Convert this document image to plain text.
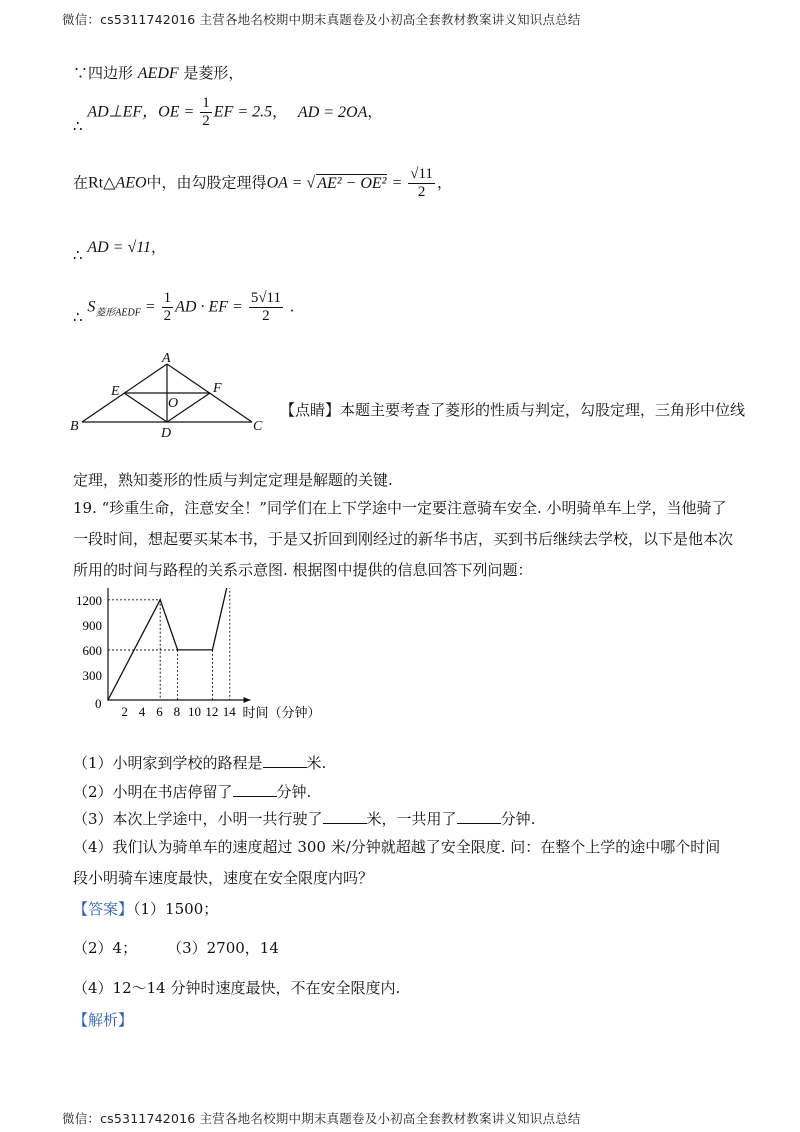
微信：cs5311742016 主营各地名校期中期末真题卷及小初高全套教材教案讲义知识点总结
∵四边形 AEDF 是菱形，
∴ AD⊥EF，OE = $\frac{1}{2}$ EF = 2.5， AD = 2OA，
在Rt△AEO中，由勾股定理得OA = √ $AE^2 - OE^2 = \frac{√11}{2}$ ，
∴ AD = √11，
∴ $S_{菱形AEDF} = \frac{1}{2}$ AD · EF = $\frac{5√11}{2}$ .
A
E	F
O
B	D	C
【点睛】本题主要考查了菱形的性质与判定，勾股定理，三角形中位线
定理，熟知菱形的性质与判定定理是解题的关键.
19. “珍重生命，注意安全！”同学们在上下学途中一定要注意骑车安全. 小明骑单车上学，当他骑了一段时间，想起要买某本书，于是又折回到刚经过的新华书店，买到书后继续去学校，以下是他本次所用的时间与路程的关系示意图. 根据图中提供的信息回答下列问题：
时间（分钟）
0
2 4 6 8 10 12 14
300
600
900
1200
（1）小明家到学校的路程是	米.
（2）小明在书店停留了	分钟.
（3）本次上学途中，小明一共行驶了	米，一共用了	分钟.
（4）我们认为骑单车的速度超过 300 米/分钟就超越了安全限度. 问：在整个上学的途中哪个时间段小明骑车速度最快，速度在安全限度内吗？
【答案】（1）1500；
（2）4； （3）2700，14
（4）12～14 分钟时速度最快，不在安全限度内.
【解析】
微信：cs5311742016 主营各地名校期中期末真题卷及小初高全套教材教案讲义知识点总结
